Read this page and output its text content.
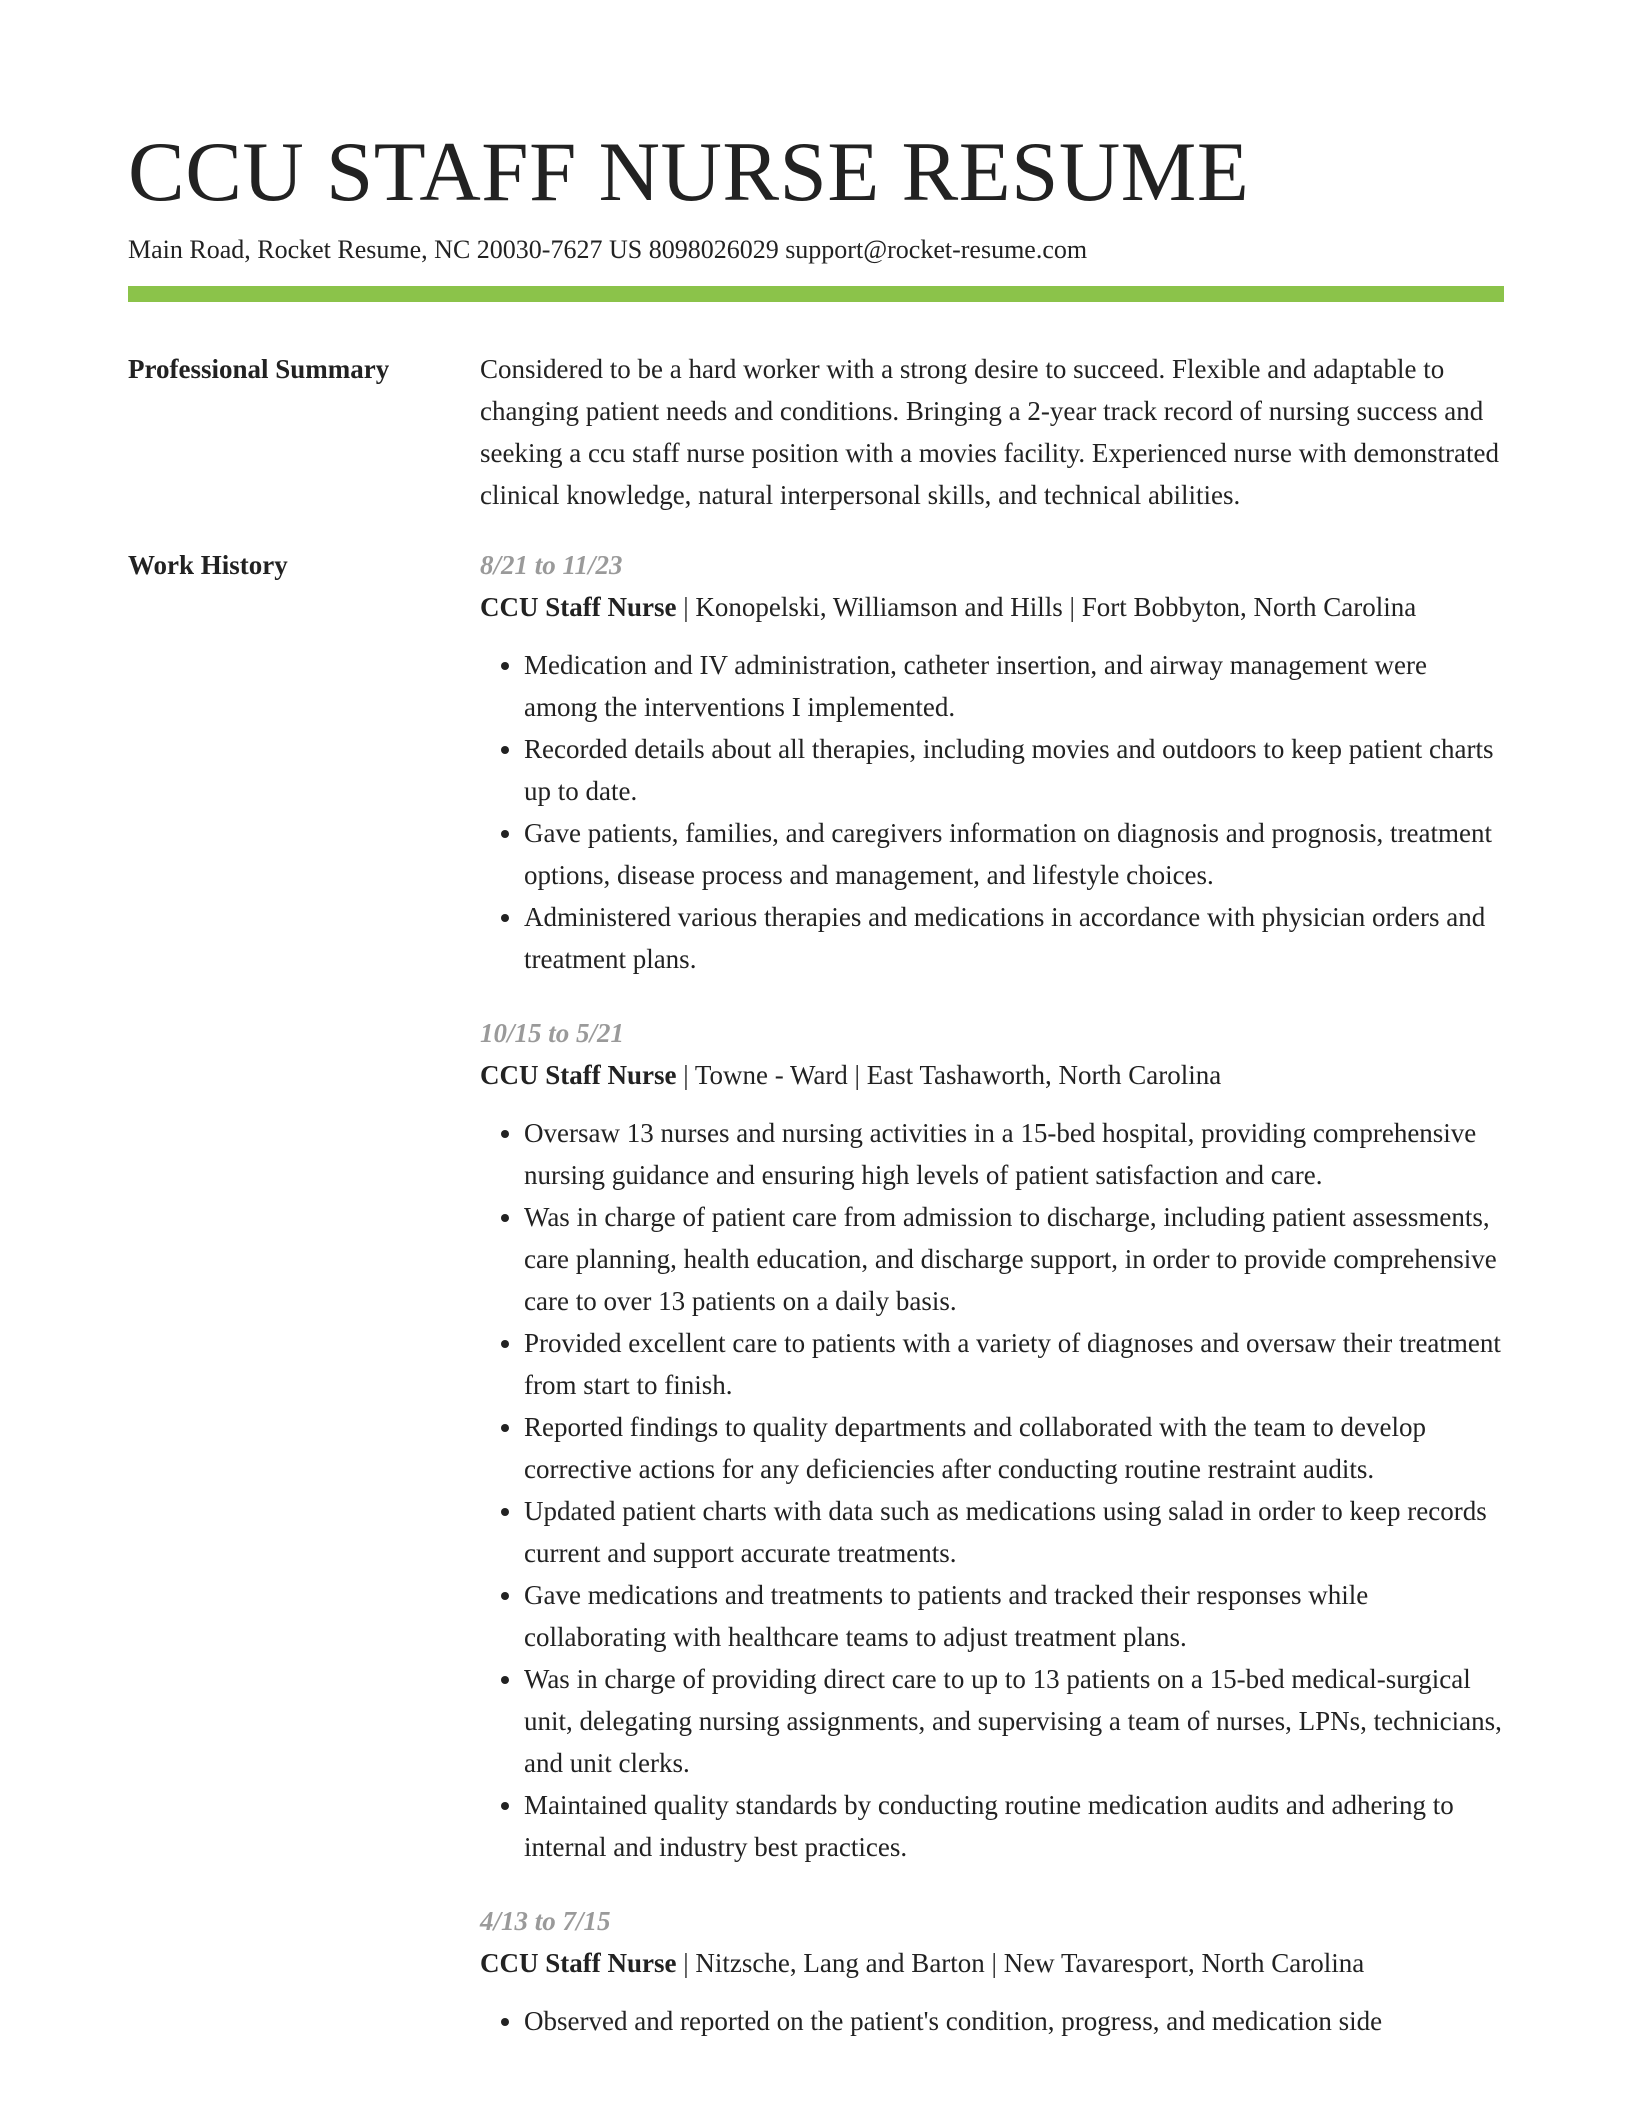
CCU STAFF NURSE RESUME
Main Road, Rocket Resume, NC 20030-7627 US 8098026029 support@rocket-resume.com
Professional Summary	Considered to be a hard worker with a strong desire to succeed. Flexible and adaptable to changing patient needs and conditions. Bringing a 2-year track record of nursing success and seeking a ccu staff nurse position with a movies facility. Experienced nurse with demonstrated clinical knowledge, natural interpersonal skills, and technical abilities.
Work History	8/21 to 11/23
CCU Staff Nurse | Konopelski, Williamson and Hills | Fort Bobbyton, North Carolina
• Medication and IV administration, catheter insertion, and airway management were among the interventions I implemented.
• Recorded details about all therapies, including movies and outdoors to keep patient charts up to date.
• Gave patients, families, and caregivers information on diagnosis and prognosis, treatment options, disease process and management, and lifestyle choices.
• Administered various therapies and medications in accordance with physician orders and treatment plans.
10/15 to 5/21
CCU Staff Nurse | Towne - Ward | East Tashaworth, North Carolina
• Oversaw 13 nurses and nursing activities in a 15-bed hospital, providing comprehensive nursing guidance and ensuring high levels of patient satisfaction and care.
• Was in charge of patient care from admission to discharge, including patient assessments, care planning, health education, and discharge support, in order to provide comprehensive care to over 13 patients on a daily basis.
• Provided excellent care to patients with a variety of diagnoses and oversaw their treatment from start to finish.
• Reported findings to quality departments and collaborated with the team to develop corrective actions for any deficiencies after conducting routine restraint audits.
• Updated patient charts with data such as medications using salad in order to keep records current and support accurate treatments.
• Gave medications and treatments to patients and tracked their responses while collaborating with healthcare teams to adjust treatment plans.
• Was in charge of providing direct care to up to 13 patients on a 15-bed medical-surgical unit, delegating nursing assignments, and supervising a team of nurses, LPNs, technicians, and unit clerks.
• Maintained quality standards by conducting routine medication audits and adhering to internal and industry best practices.
4/13 to 7/15
CCU Staff Nurse | Nitzsche, Lang and Barton | New Tavaresport, North Carolina
• Observed and reported on the patient's condition, progress, and medication side
